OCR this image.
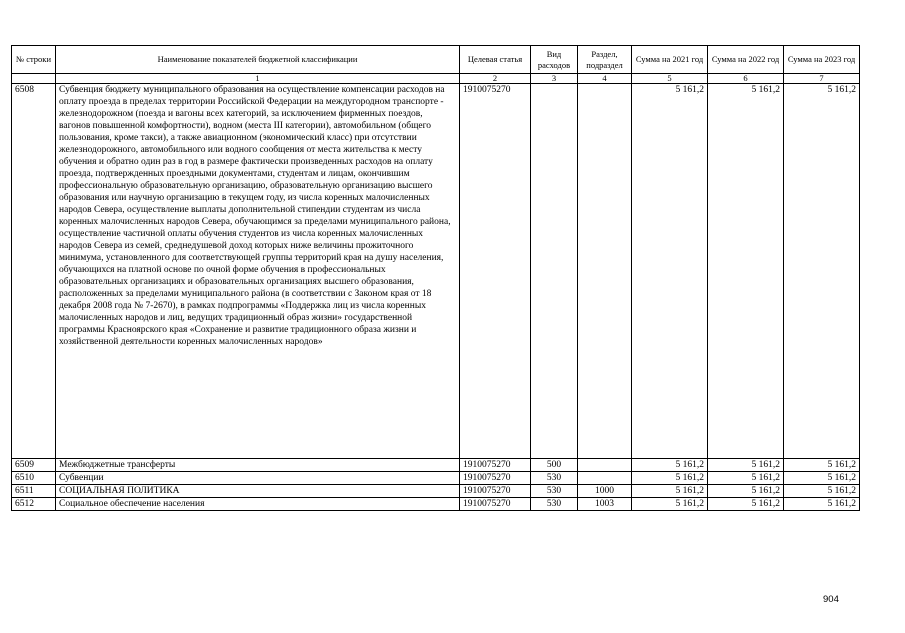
№ строки	Наименование показателей бюджетной классификации	Целевая статья	Вид расходов	Раздел, подраздел	Сумма на 2021 год	Сумма на 2022 год	Сумма на 2023 год
	1	2	3	4	5	6	7
6508	Субвенция бюджету муниципального образования на осуществление компенсации расходов на оплату проезда в пределах территории Российской Федерации на междугородном транспорте - железнодорожном (поезда и вагоны всех категорий, за исключением фирменных поездов, вагонов повышенной комфортности), водном (места III категории), автомобильном (общего пользования, кроме такси), а также авиационном (экономический класс) при отсутствии железнодорожного, автомобильного или водного сообщения от места жительства к месту обучения и обратно один раз в год в размере фактически произведенных расходов на оплату проезда, подтвержденных проездными документами, студентам и лицам, окончившим профессиональную образовательную организацию, образовательную организацию высшего образования или научную организацию в текущем году, из числа коренных малочисленных народов Севера, осуществление выплаты дополнительной стипендии студентам из числа коренных малочисленных народов Севера, обучающимся за пределами муниципального района, осуществление частичной оплаты обучения студентов из числа коренных малочисленных народов Севера из семей, среднедушевой доход которых ниже величины прожиточного минимума, установленного для соответствующей группы территорий края на душу населения, обучающихся на платной основе по очной форме обучения в профессиональных образовательных организациях и образовательных организациях высшего образования, расположенных за пределами муниципального района (в соответствии с Законом края от 18 декабря 2008 года № 7-2670), в рамках подпрограммы «Поддержка лиц из числа коренных малочисленных народов и лиц, ведущих традиционный образ жизни» государственной программы Красноярского края «Сохранение и развитие традиционного образа жизни и хозяйственной деятельности коренных малочисленных народов»	1910075270			5 161,2	5 161,2	5 161,2
6509	Межбюджетные трансферты	1910075270	500		5 161,2	5 161,2	5 161,2
6510	Субвенции	1910075270	530		5 161,2	5 161,2	5 161,2
6511	СОЦИАЛЬНАЯ ПОЛИТИКА	1910075270	530	1000	5 161,2	5 161,2	5 161,2
6512	Социальное обеспечение населения	1910075270	530	1003	5 161,2	5 161,2	5 161,2
904
